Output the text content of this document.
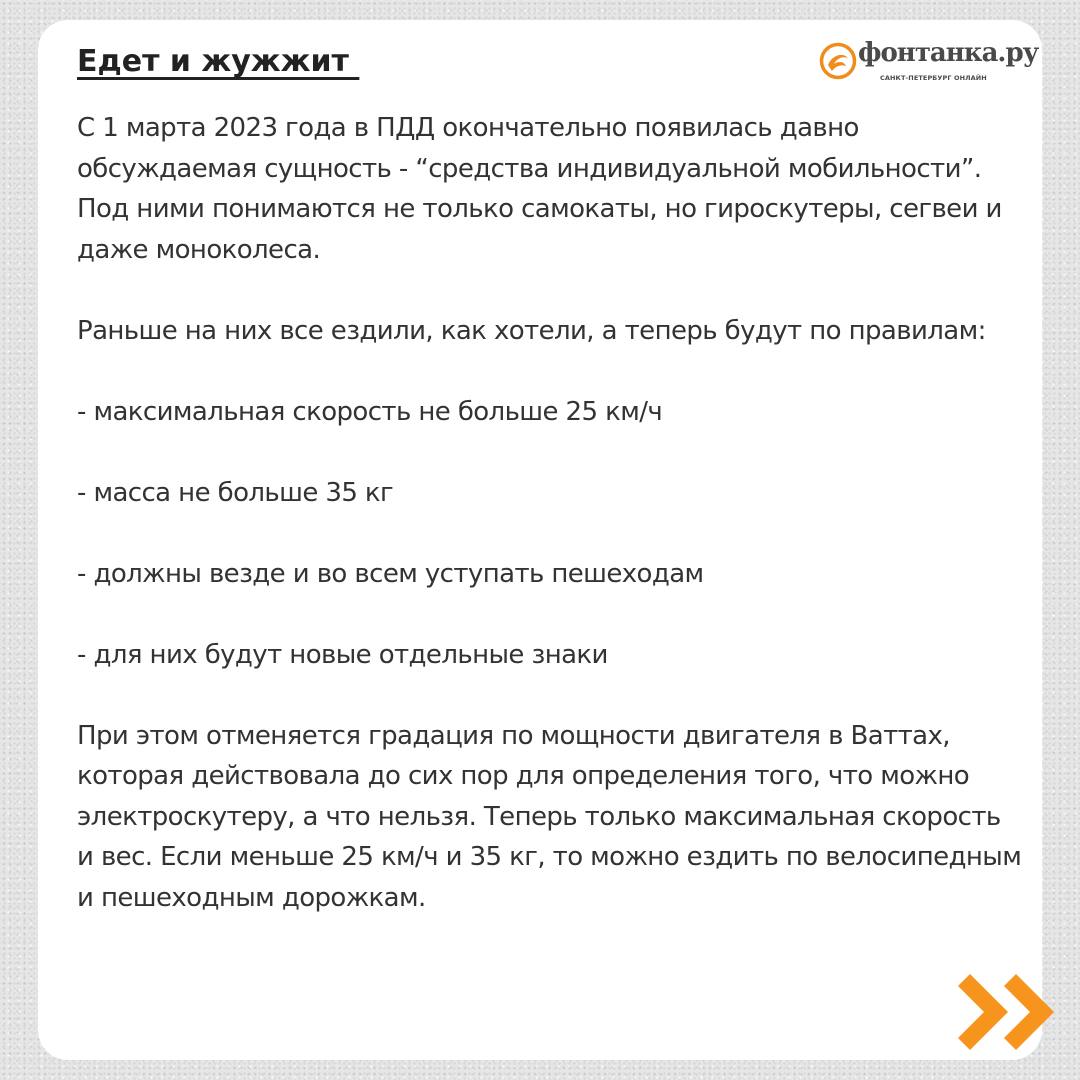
Едет и жужжит	фонтанка.ру
САНКТ-ПЕТЕРБУРГ ОНЛАЙН

С 1 марта 2023 года в ПДД окончательно появилась давно обсуждаемая сущность - “средства индивидуальной мобильности”. Под ними понимаются не только самокаты, но гироскутеры, сегвеи и даже моноколеса.

Раньше на них все ездили, как хотели, а теперь будут по правилам:

- максимальная скорость не больше 25 км/ч

- масса не больше 35 кг

- должны везде и во всем уступать пешеходам

- для них будут новые отдельные знаки

При этом отменяется градация по мощности двигателя в Ваттах, которая действовала до сих пор для определения того, что можно электроскутеру, а что нельзя. Теперь только максимальная скорость и вес. Если меньше 25 км/ч и 35 кг, то можно ездить по велосипедным и пешеходным дорожкам.
